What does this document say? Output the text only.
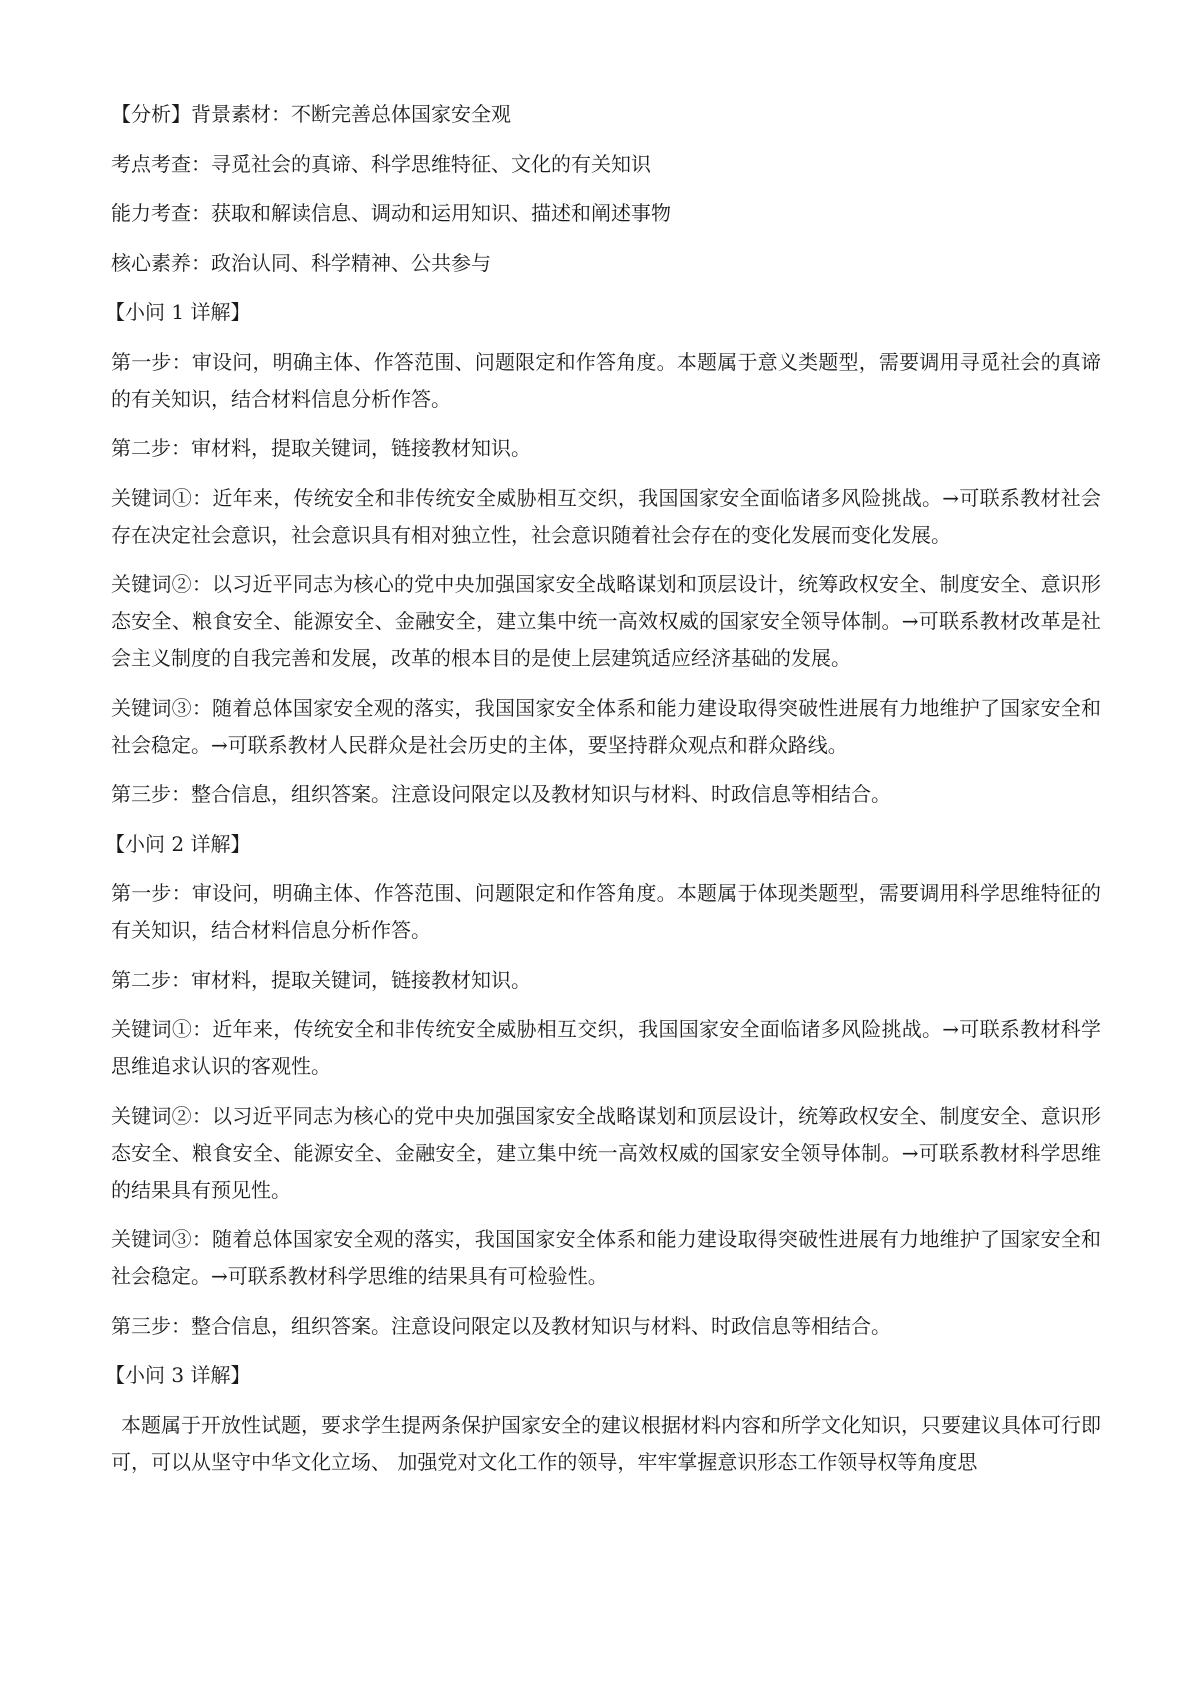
【分析】背景素材：不断完善总体国家安全观

考点考查：寻觅社会的真谛、科学思维特征、文化的有关知识

能力考查：获取和解读信息、调动和运用知识、描述和阐述事物

核心素养：政治认同、科学精神、公共参与

【小问 1 详解】

第一步：审设问，明确主体、作答范围、问题限定和作答角度。本题属于意义类题型，需要调用寻觅社会的真谛的有关知识，结合材料信息分析作答。

第二步：审材料，提取关键词，链接教材知识。

关键词①：近年来，传统安全和非传统安全威胁相互交织，我国国家安全面临诸多风险挑战。→可联系教材社会存在决定社会意识，社会意识具有相对独立性，社会意识随着社会存在的变化发展而变化发展。

关键词②：以习近平同志为核心的党中央加强国家安全战略谋划和顶层设计，统筹政权安全、制度安全、意识形态安全、粮食安全、能源安全、金融安全，建立集中统一高效权威的国家安全领导体制。→可联系教材改革是社会主义制度的自我完善和发展，改革的根本目的是使上层建筑适应经济基础的发展。

关键词③：随着总体国家安全观的落实，我国国家安全体系和能力建设取得突破性进展有力地维护了国家安全和社会稳定。→可联系教材人民群众是社会历史的主体，要坚持群众观点和群众路线。

第三步：整合信息，组织答案。注意设问限定以及教材知识与材料、时政信息等相结合。

【小问 2 详解】

第一步：审设问，明确主体、作答范围、问题限定和作答角度。本题属于体现类题型，需要调用科学思维特征的有关知识，结合材料信息分析作答。

第二步：审材料，提取关键词，链接教材知识。

关键词①：近年来，传统安全和非传统安全威胁相互交织，我国国家安全面临诸多风险挑战。→可联系教材科学思维追求认识的客观性。

关键词②：以习近平同志为核心的党中央加强国家安全战略谋划和顶层设计，统筹政权安全、制度安全、意识形态安全、粮食安全、能源安全、金融安全，建立集中统一高效权威的国家安全领导体制。→可联系教材科学思维的结果具有预见性。

关键词③：随着总体国家安全观的落实，我国国家安全体系和能力建设取得突破性进展有力地维护了国家安全和社会稳定。→可联系教材科学思维的结果具有可检验性。

第三步：整合信息，组织答案。注意设问限定以及教材知识与材料、时政信息等相结合。

【小问 3 详解】

本题属于开放性试题，要求学生提两条保护国家安全的建议根据材料内容和所学文化知识，只要建议具体可行即可，可以从坚守中华文化立场、 加强党对文化工作的领导，牢牢掌握意识形态工作领导权等角度思
